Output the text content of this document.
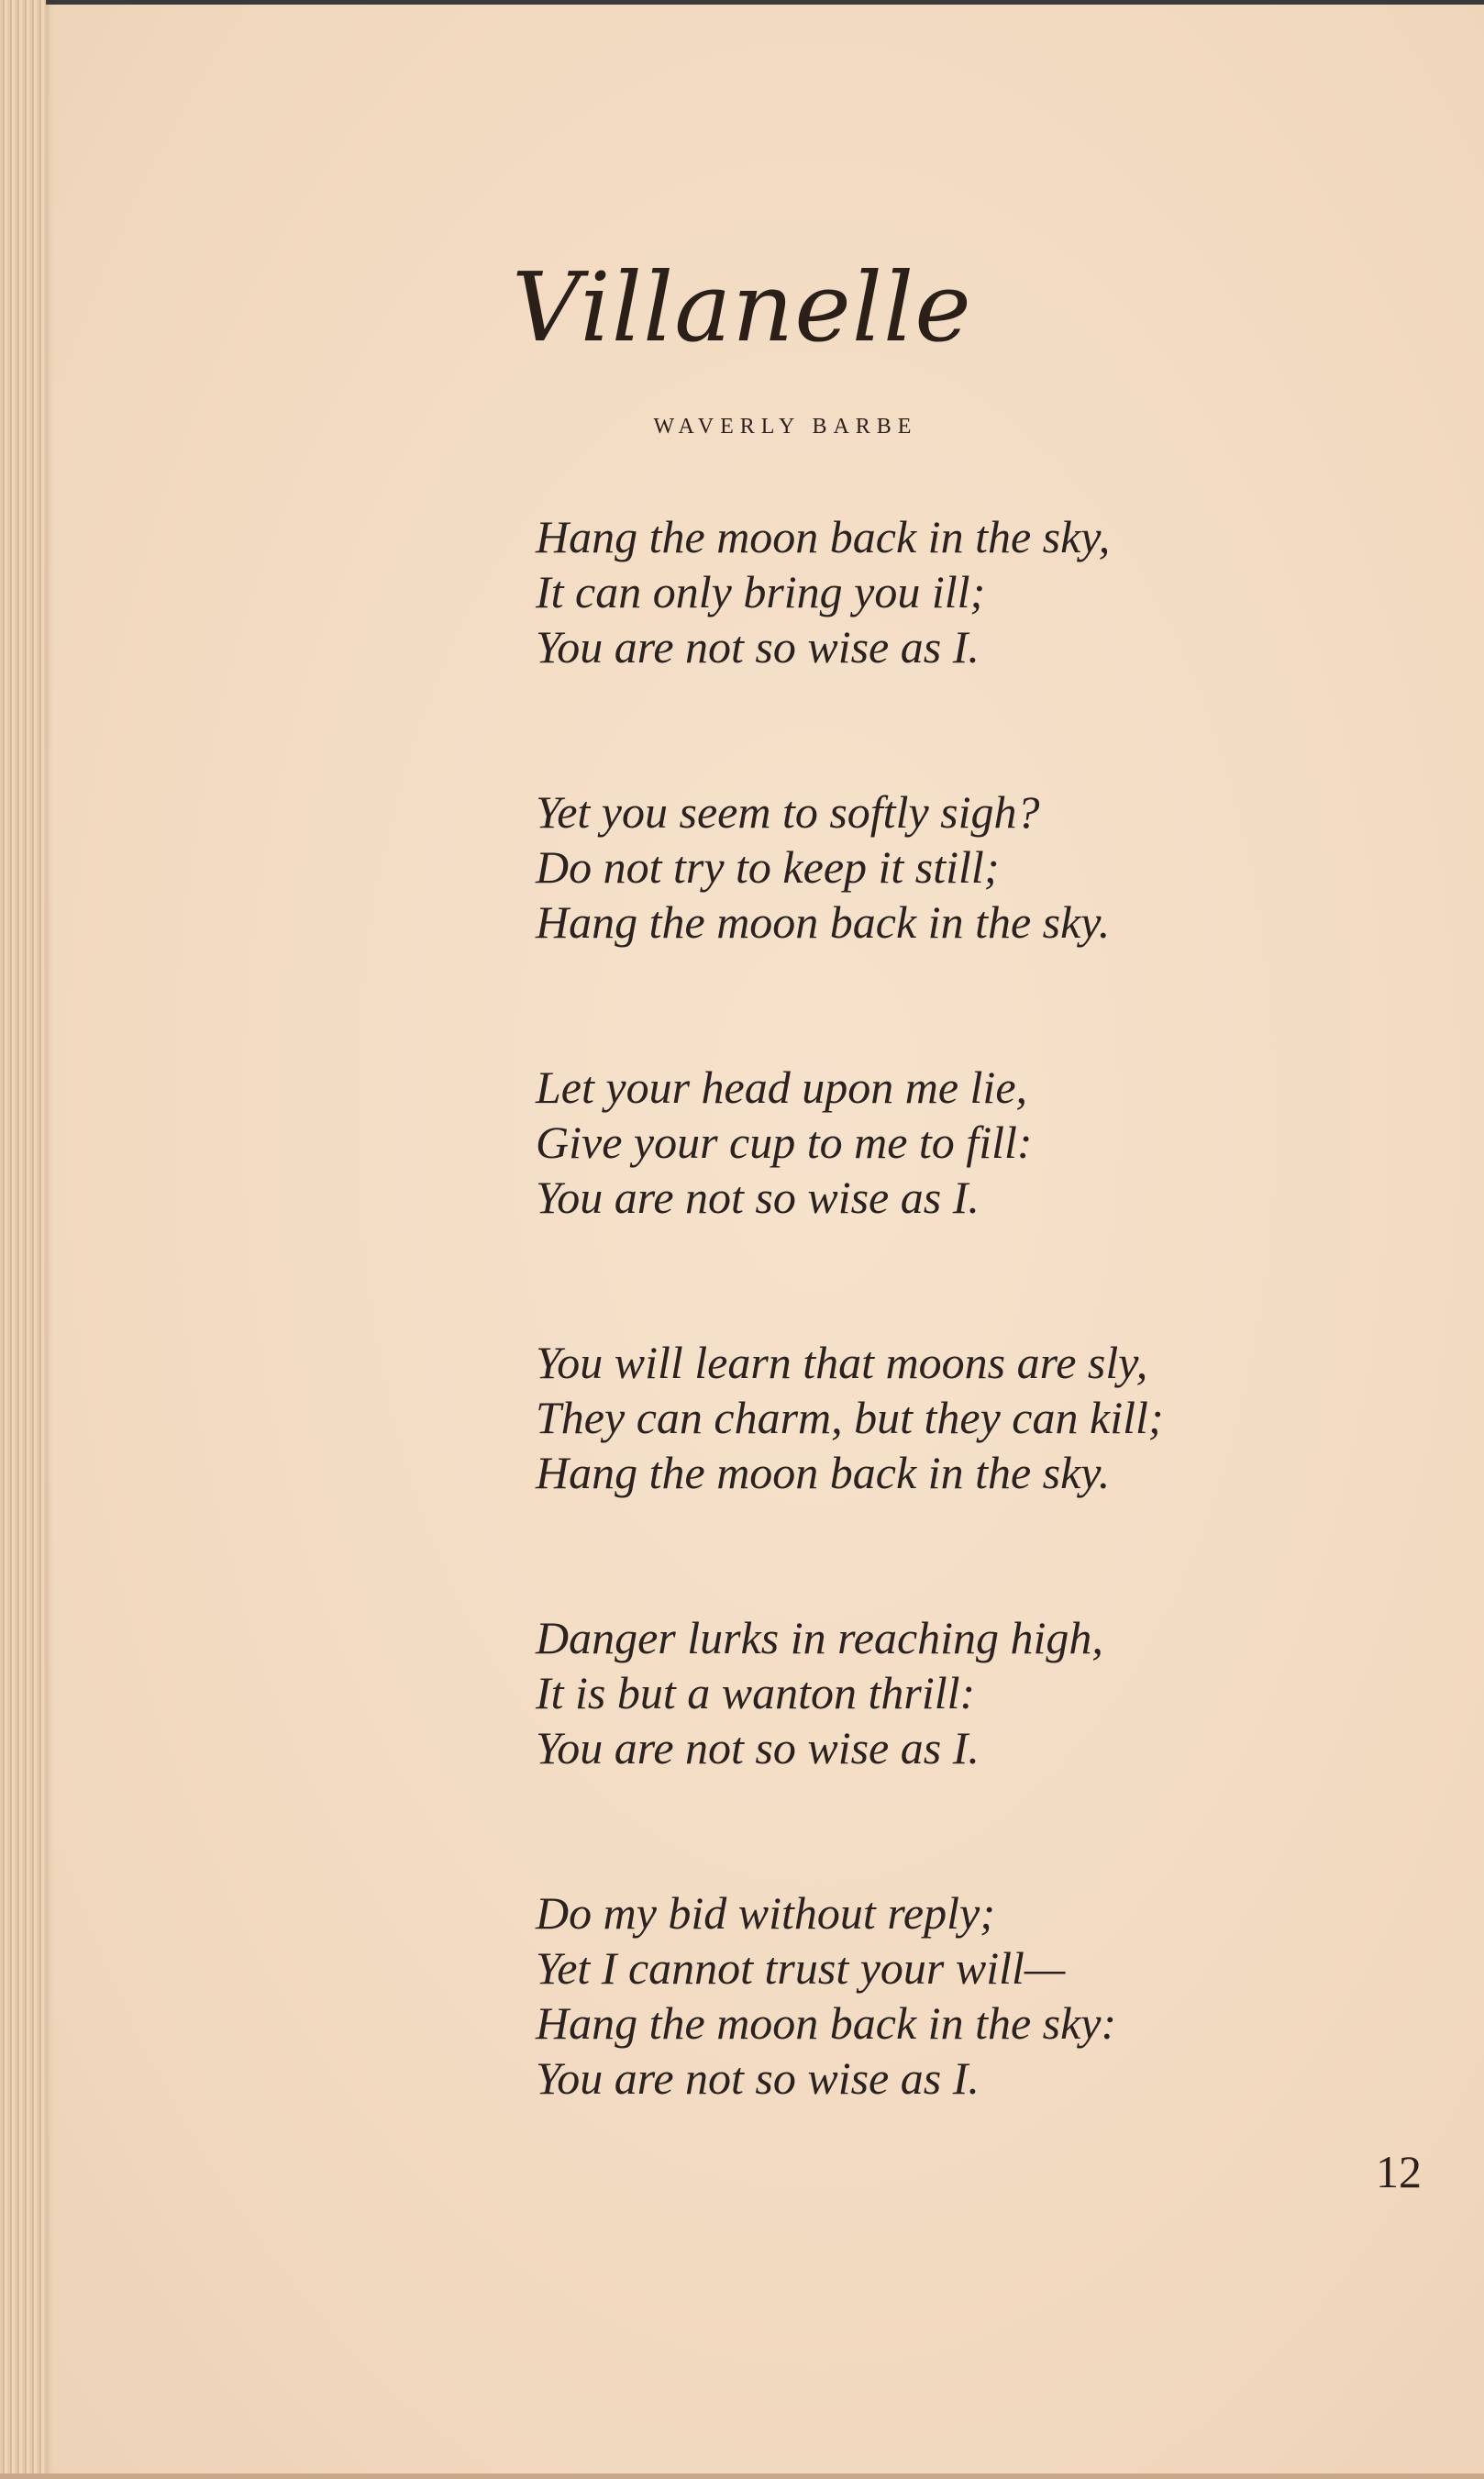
Villanelle
WAVERLY BARBE
Hang the moon back in the sky,
It can only bring you ill;
You are not so wise as I.
Yet you seem to softly sigh?
Do not try to keep it still;
Hang the moon back in the sky.
Let your head upon me lie,
Give your cup to me to fill:
You are not so wise as I.
You will learn that moons are sly,
They can charm, but they can kill;
Hang the moon back in the sky.
Danger lurks in reaching high,
It is but a wanton thrill:
You are not so wise as I.
Do my bid without reply;
Yet I cannot trust your will—
Hang the moon back in the sky:
You are not so wise as I.
12
